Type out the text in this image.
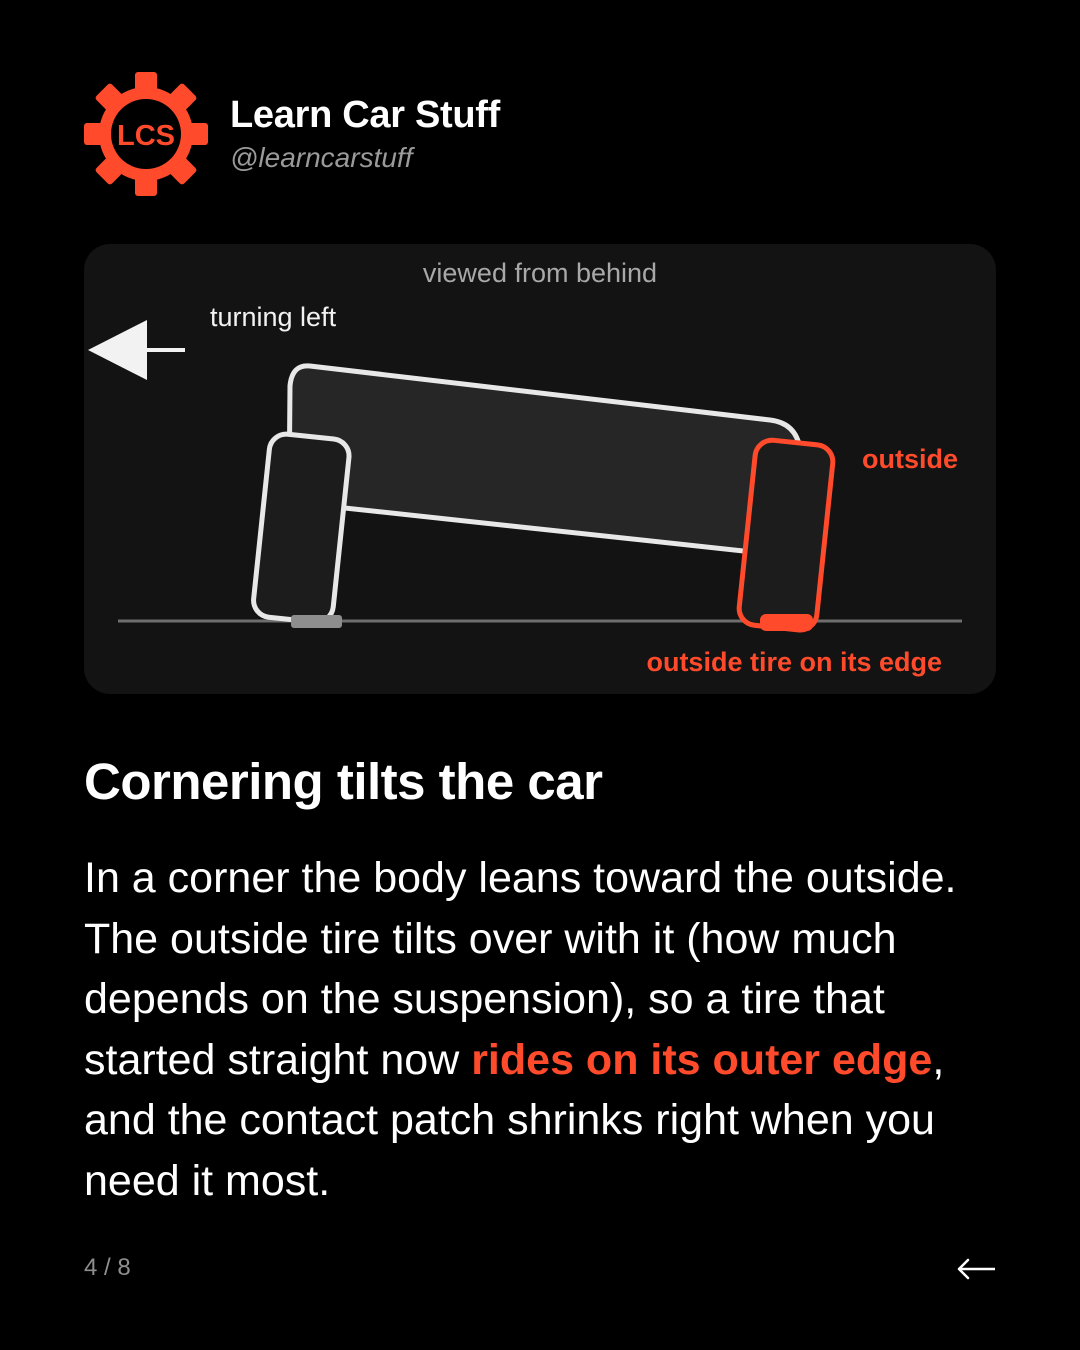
LCS Learn Car Stuff
@learncarstuff
viewed from behind
turning left
outside
outside tire on its edge
Cornering tilts the car
In a corner the body leans toward the outside. The outside tire tilts over with it (how much depends on the suspension), so a tire that started straight now rides on its outer edge, and the contact patch shrinks right when you need it most.
4 / 8
